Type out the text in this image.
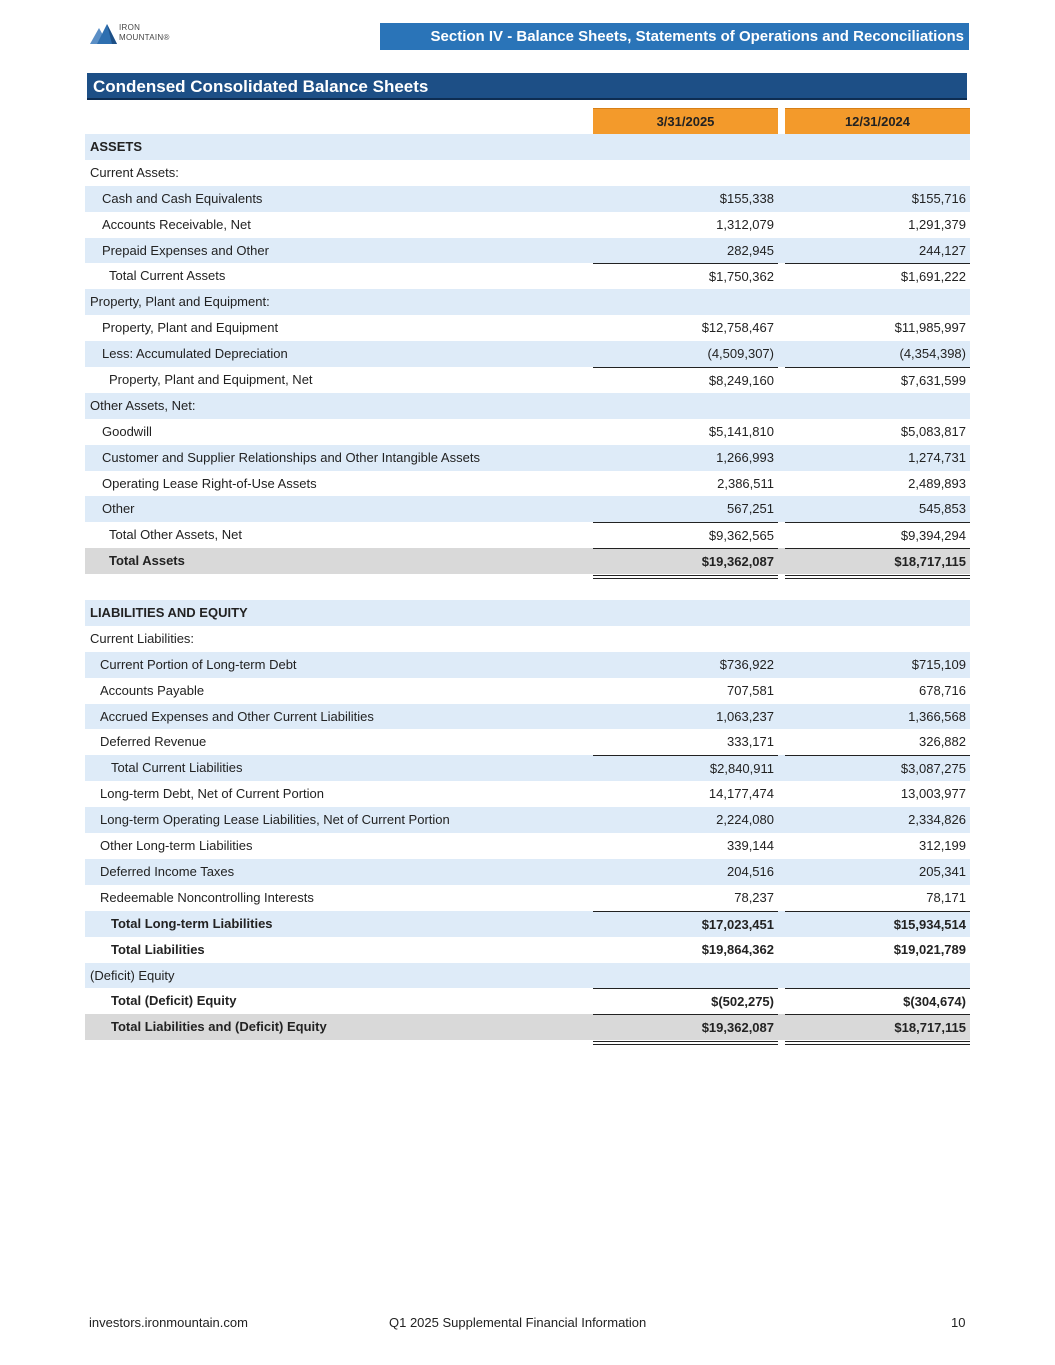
IRON
MOUNTAIN®	Section IV - Balance Sheets, Statements of Operations and Reconciliations
Condensed Consolidated Balance Sheets
3/31/2025	12/31/2024
ASSETS
Current Assets:
Cash and Cash Equivalents	$155,338	$155,716
Accounts Receivable, Net	1,312,079	1,291,379
Prepaid Expenses and Other	282,945	244,127
Total Current Assets	$1,750,362	$1,691,222
Property, Plant and Equipment:
Property, Plant and Equipment	$12,758,467	$11,985,997
Less: Accumulated Depreciation	(4,509,307)	(4,354,398)
Property, Plant and Equipment, Net	$8,249,160	$7,631,599
Other Assets, Net:
Goodwill	$5,141,810	$5,083,817
Customer and Supplier Relationships and Other Intangible Assets	1,266,993	1,274,731
Operating Lease Right-of-Use Assets	2,386,511	2,489,893
Other	567,251	545,853
Total Other Assets, Net	$9,362,565	$9,394,294
Total Assets	$19,362,087	$18,717,115
LIABILITIES AND EQUITY
Current Liabilities:
Current Portion of Long-term Debt	$736,922	$715,109
Accounts Payable	707,581	678,716
Accrued Expenses and Other Current Liabilities	1,063,237	1,366,568
Deferred Revenue	333,171	326,882
Total Current Liabilities	$2,840,911	$3,087,275
Long-term Debt, Net of Current Portion	14,177,474	13,003,977
Long-term Operating Lease Liabilities, Net of Current Portion	2,224,080	2,334,826
Other Long-term Liabilities	339,144	312,199
Deferred Income Taxes	204,516	205,341
Redeemable Noncontrolling Interests	78,237	78,171
Total Long-term Liabilities	$17,023,451	$15,934,514
Total Liabilities	$19,864,362	$19,021,789
(Deficit) Equity
Total (Deficit) Equity	$(502,275)	$(304,674)
Total Liabilities and (Deficit) Equity	$19,362,087	$18,717,115
investors.ironmountain.com	Q1 2025 Supplemental Financial Information	10
